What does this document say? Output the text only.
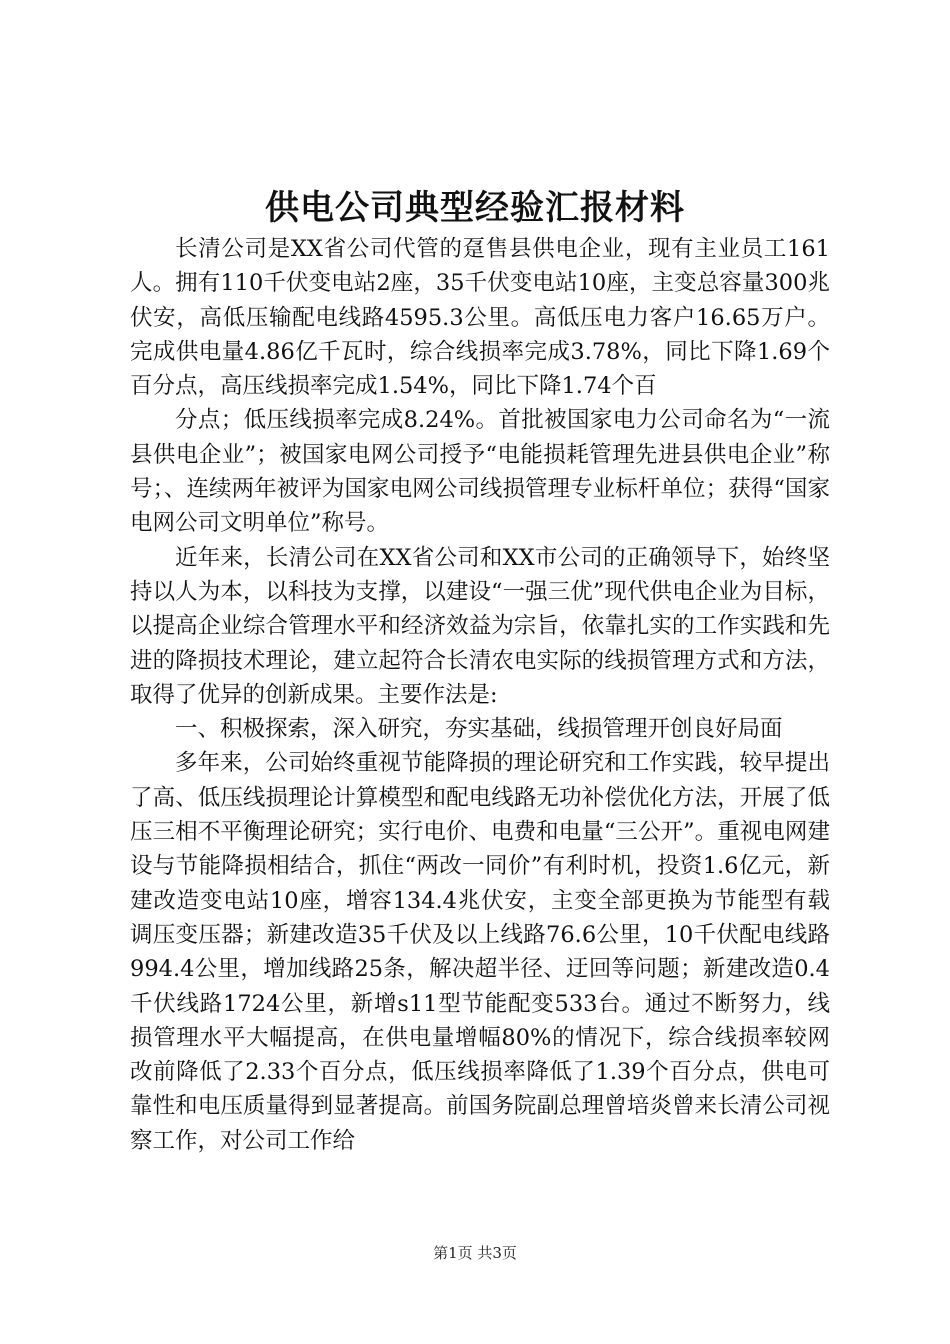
供电公司典型经验汇报材料

长清公司是XX省公司代管的趸售县供电企业，现有主业员工161人。拥有110千伏变电站2座，35千伏变电站10座，主变总容量300兆伏安，高低压输配电线路4595.3公里。高低压电力客户16.65万户。完成供电量4.86亿千瓦时，综合线损率完成3.78%，同比下降1.69个百分点，高压线损率完成1.54%，同比下降1.74个百

分点；低压线损率完成8.24%。首批被国家电力公司命名为“一流县供电企业”；被国家电网公司授予“电能损耗管理先进县供电企业”称号；、连续两年被评为国家电网公司线损管理专业标杆单位；获得“国家电网公司文明单位”称号。

近年来，长清公司在XX省公司和XX市公司的正确领导下，始终坚持以人为本，以科技为支撑，以建设“一强三优”现代供电企业为目标，以提高企业综合管理水平和经济效益为宗旨，依靠扎实的工作实践和先进的降损技术理论，建立起符合长清农电实际的线损管理方式和方法，取得了优异的创新成果。主要作法是:

一、积极探索，深入研究，夯实基础，线损管理开创良好局面

多年来，公司始终重视节能降损的理论研究和工作实践，较早提出了高、低压线损理论计算模型和配电线路无功补偿优化方法，开展了低压三相不平衡理论研究；实行电价、电费和电量“三公开”。重视电网建设与节能降损相结合，抓住“两改一同价”有利时机，投资1.6亿元，新建改造变电站10座，增容134.4兆伏安，主变全部更换为节能型有载调压变压器；新建改造35千伏及以上线路76.6公里，10千伏配电线路994.4公里，增加线路25条，解决超半径、迂回等问题；新建改造0.4千伏线路1724公里，新增s11型节能配变533台。通过不断努力，线损管理水平大幅提高，在供电量增幅80%的情况下，综合线损率较网改前降低了2.33个百分点，低压线损率降低了1.39个百分点，供电可靠性和电压质量得到显著提高。前国务院副总理曾培炎曾来长清公司视察工作，对公司工作给

第1页 共3页
